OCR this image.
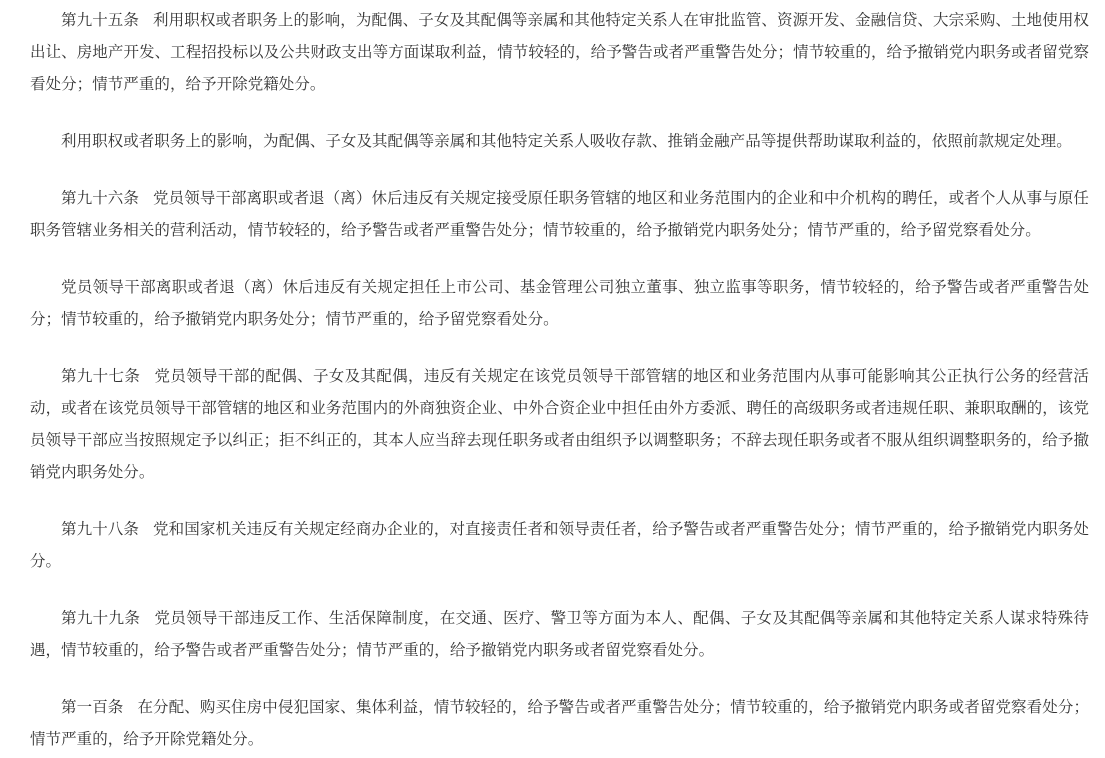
第九十五条 利用职权或者职务上的影响，为配偶、子女及其配偶等亲属和其他特定关系人在审批监管、资源开发、金融信贷、大宗采购、土地使用权出让、房地产开发、工程招投标以及公共财政支出等方面谋取利益，情节较轻的，给予警告或者严重警告处分；情节较重的，给予撤销党内职务或者留党察看处分；情节严重的，给予开除党籍处分。

利用职权或者职务上的影响，为配偶、子女及其配偶等亲属和其他特定关系人吸收存款、推销金融产品等提供帮助谋取利益的，依照前款规定处理。

第九十六条 党员领导干部离职或者退（离）休后违反有关规定接受原任职务管辖的地区和业务范围内的企业和中介机构的聘任，或者个人从事与原任职务管辖业务相关的营利活动，情节较轻的，给予警告或者严重警告处分；情节较重的，给予撤销党内职务处分；情节严重的，给予留党察看处分。

党员领导干部离职或者退（离）休后违反有关规定担任上市公司、基金管理公司独立董事、独立监事等职务，情节较轻的，给予警告或者严重警告处分；情节较重的，给予撤销党内职务处分；情节严重的，给予留党察看处分。

第九十七条 党员领导干部的配偶、子女及其配偶，违反有关规定在该党员领导干部管辖的地区和业务范围内从事可能影响其公正执行公务的经营活动，或者在该党员领导干部管辖的地区和业务范围内的外商独资企业、中外合资企业中担任由外方委派、聘任的高级职务或者违规任职、兼职取酬的，该党员领导干部应当按照规定予以纠正；拒不纠正的，其本人应当辞去现任职务或者由组织予以调整职务；不辞去现任职务或者不服从组织调整职务的，给予撤销党内职务处分。

第九十八条 党和国家机关违反有关规定经商办企业的，对直接责任者和领导责任者，给予警告或者严重警告处分；情节严重的，给予撤销党内职务处分。

第九十九条 党员领导干部违反工作、生活保障制度，在交通、医疗、警卫等方面为本人、配偶、子女及其配偶等亲属和其他特定关系人谋求特殊待遇，情节较重的，给予警告或者严重警告处分；情节严重的，给予撤销党内职务或者留党察看处分。

第一百条 在分配、购买住房中侵犯国家、集体利益，情节较轻的，给予警告或者严重警告处分；情节较重的，给予撤销党内职务或者留党察看处分；情节严重的，给予开除党籍处分。
